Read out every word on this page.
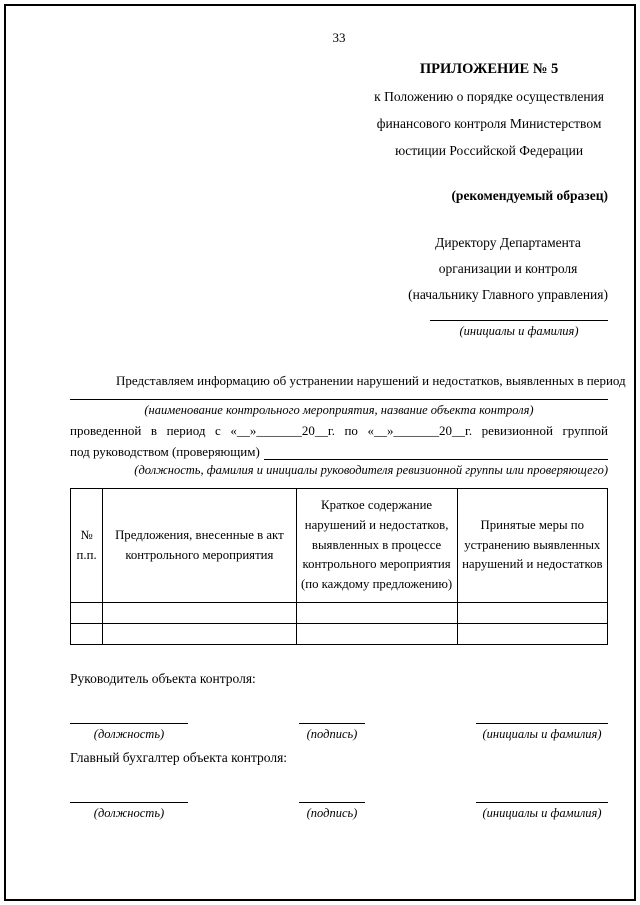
33
ПРИЛОЖЕНИЕ № 5
к Положению о порядке осуществления
финансового контроля Министерством
юстиции Российской Федерации
(рекомендуемый образец)
Директору Департамента
организации и контроля
(начальнику Главного управления)
(инициалы и фамилия)
Представляем информацию об устранении нарушений и недостатков, выявленных в период
(наименование контрольного мероприятия, название объекта контроля)
проведенной в период с «__»_______20__г. по «__»_______20__г. ревизионной группой
под руководством (проверяющим)
(должность, фамилия и инициалы руководителя ревизионной группы или проверяющего)
№ п.п.	Предложения, внесенные в акт контрольного мероприятия	Краткое содержание нарушений и недостатков, выявленных в процессе контрольного мероприятия (по каждому предложению)	Принятые меры по устранению выявленных нарушений и недостатков

Руководитель объекта контроля:
(должность)	(подпись)	(инициалы и фамилия)
Главный бухгалтер объекта контроля:
(должность)	(подпись)	(инициалы и фамилия)
